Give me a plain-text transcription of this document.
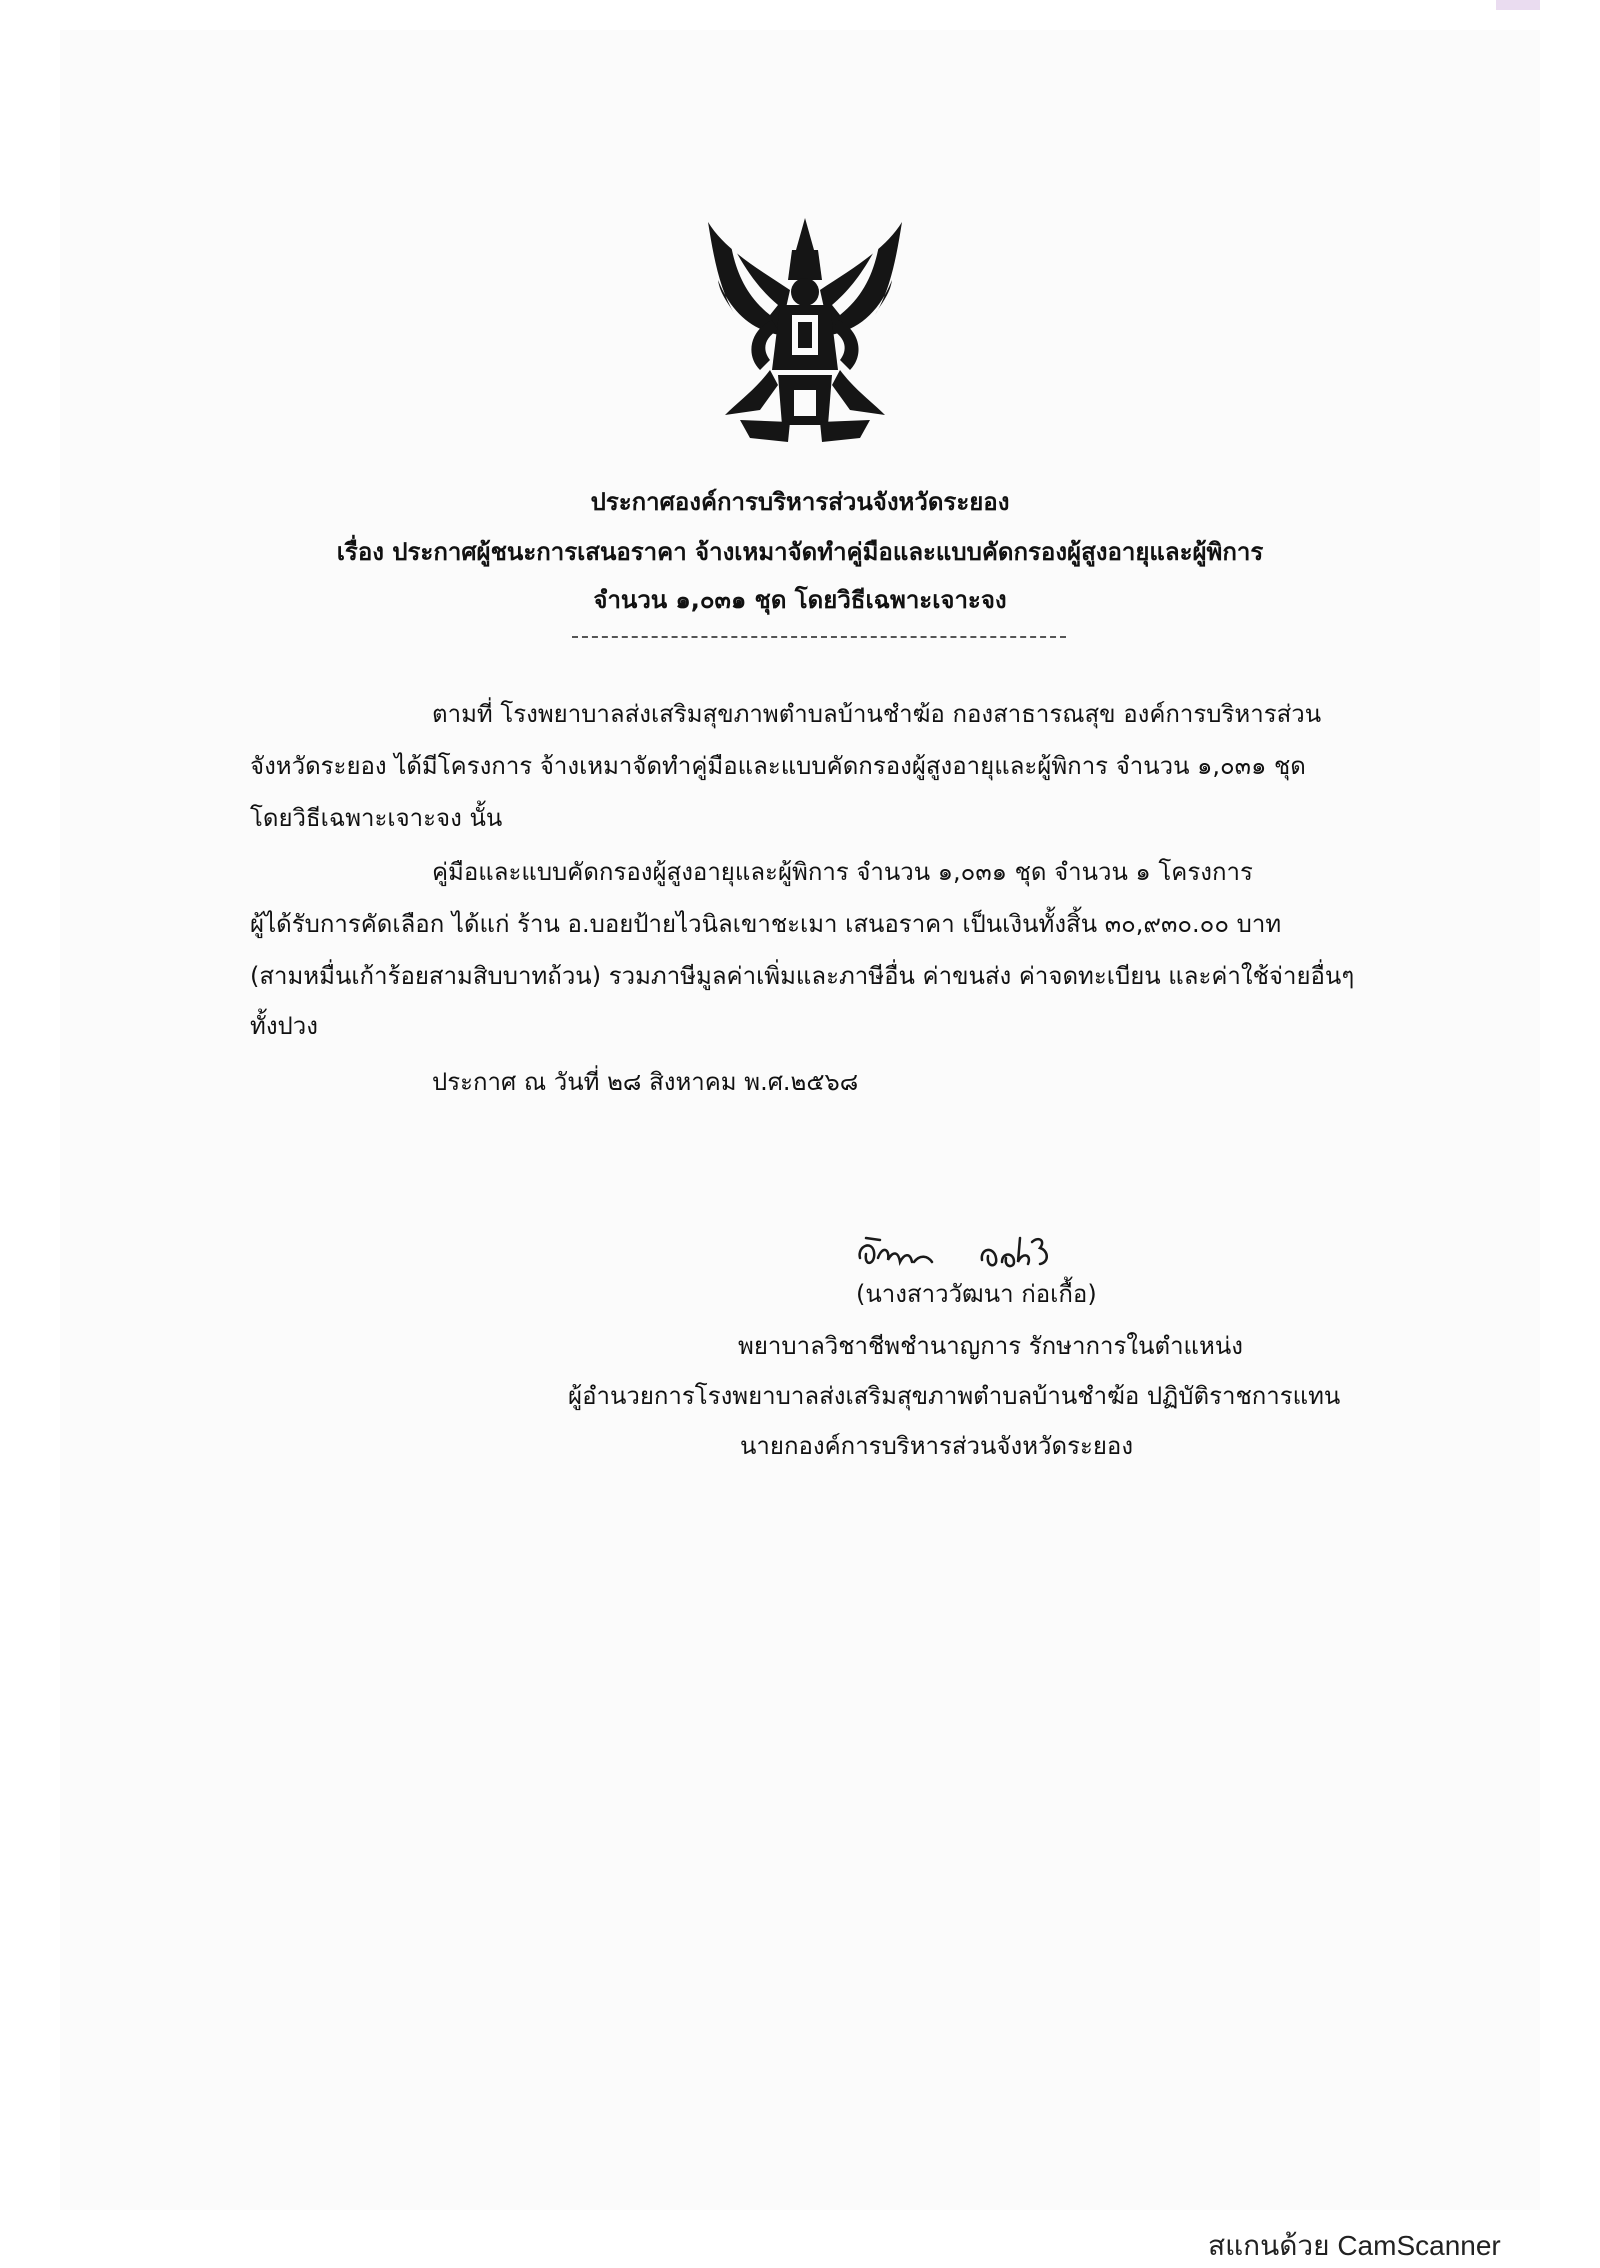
ประกาศองค์การบริหารส่วนจังหวัดระยอง
เรื่อง ประกาศผู้ชนะการเสนอราคา จ้างเหมาจัดทำคู่มือและแบบคัดกรองผู้สูงอายุและผู้พิการ
จำนวน ๑,๐๓๑ ชุด โดยวิธีเฉพาะเจาะจง
ตามที่ โรงพยาบาลส่งเสริมสุขภาพตำบลบ้านชำฆ้อ กองสาธารณสุข องค์การบริหารส่วน
จังหวัดระยอง ได้มีโครงการ จ้างเหมาจัดทำคู่มือและแบบคัดกรองผู้สูงอายุและผู้พิการ จำนวน ๑,๐๓๑ ชุด
โดยวิธีเฉพาะเจาะจง นั้น
คู่มือและแบบคัดกรองผู้สูงอายุและผู้พิการ จำนวน ๑,๐๓๑ ชุด จำนวน ๑ โครงการ
ผู้ได้รับการคัดเลือก ได้แก่ ร้าน อ.บอยป้ายไวนิลเขาชะเมา เสนอราคา เป็นเงินทั้งสิ้น ๓๐,๙๓๐.๐๐ บาท
(สามหมื่นเก้าร้อยสามสิบบาทถ้วน) รวมภาษีมูลค่าเพิ่มและภาษีอื่น ค่าขนส่ง ค่าจดทะเบียน และค่าใช้จ่ายอื่นๆ
ทั้งปวง
ประกาศ ณ วันที่ ๒๘ สิงหาคม พ.ศ.๒๕๖๘
(นางสาววัฒนา ก่อเกื้อ)
พยาบาลวิชาชีพชำนาญการ รักษาการในตำแหน่ง
ผู้อำนวยการโรงพยาบาลส่งเสริมสุขภาพตำบลบ้านชำฆ้อ ปฏิบัติราชการแทน
นายกองค์การบริหารส่วนจังหวัดระยอง
สแกนด้วย CamScanner
